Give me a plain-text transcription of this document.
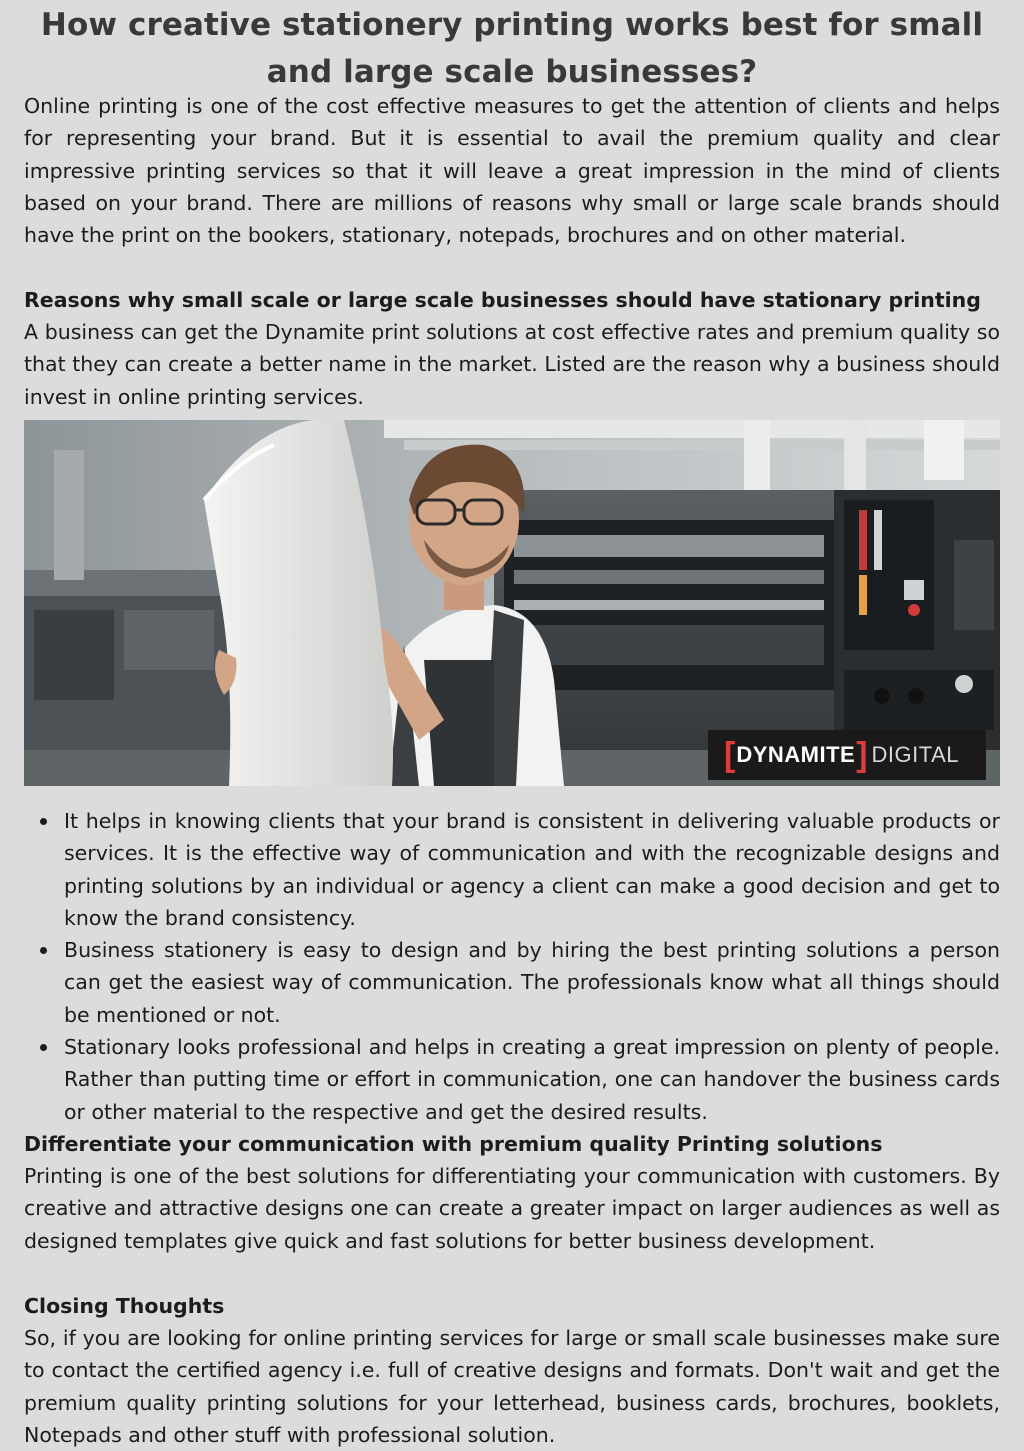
How creative stationery printing works best for small and large scale businesses?

Online printing is one of the cost effective measures to get the attention of clients and helps for representing your brand. But it is essential to avail the premium quality and clear impressive printing services so that it will leave a great impression in the mind of clients based on your brand. There are millions of reasons why small or large scale brands should have the print on the bookers, stationary, notepads, brochures and on other material.

Reasons why small scale or large scale businesses should have stationary printing

A business can get the Dynamite print solutions at cost effective rates and premium quality so that they can create a better name in the market. Listed are the reason why a business should invest in online printing services.

[ DYNAMITE ] DIGITAL
It helps in knowing clients that your brand is consistent in delivering valuable products or services. It is the effective way of communication and with the recognizable designs and printing solutions by an individual or agency a client can make a good decision and get to know the brand consistency.
Business stationery is easy to design and by hiring the best printing solutions a person can get the easiest way of communication. The professionals know what all things should be mentioned or not.
Stationary looks professional and helps in creating a great impression on plenty of people. Rather than putting time or effort in communication, one can handover the business cards or other material to the respective and get the desired results.
Differentiate your communication with premium quality Printing solutions

Printing is one of the best solutions for differentiating your communication with customers. By creative and attractive designs one can create a greater impact on larger audiences as well as designed templates give quick and fast solutions for better business development.

Closing Thoughts

So, if you are looking for online printing services for large or small scale businesses make sure to contact the certified agency i.e. full of creative designs and formats. Don't wait and get the premium quality printing solutions for your letterhead, business cards, brochures, booklets, Notepads and other stuff with professional solution.
